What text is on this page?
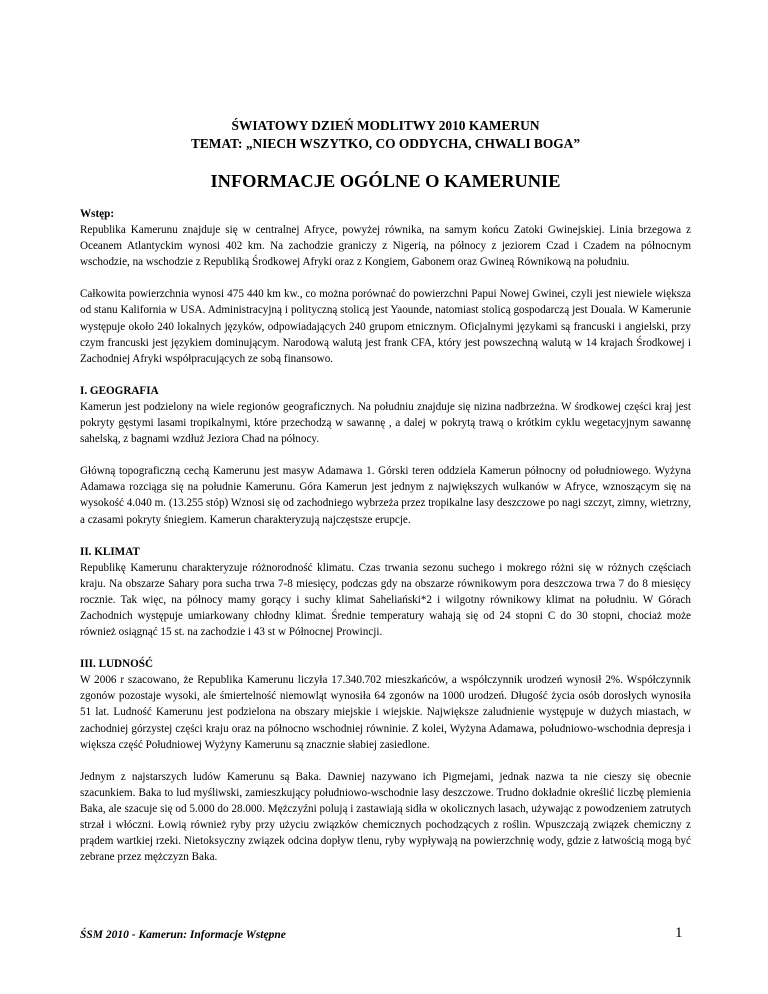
ŚWIATOWY DZIEŃ MODLITWY 2010 KAMERUN
TEMAT: „NIECH WSZYTKO, CO ODDYCHA, CHWALI BOGA”
INFORMACJE OGÓLNE O KAMERUNIE

Wstęp:

Republika Kamerunu znajduje się w centralnej Afryce, powyżej równika, na samym końcu Zatoki Gwinejskiej. Linia brzegowa z Oceanem Atlantyckim wynosi 402 km. Na zachodzie graniczy z Nigerią, na północy z jeziorem Czad i Czadem na północnym wschodzie, na wschodzie z Republiką Środkowej Afryki oraz z Kongiem, Gabonem oraz Gwineą Równikową na południu.

Całkowita powierzchnia wynosi 475 440 km kw., co można porównać do powierzchni Papui Nowej Gwinei, czyli jest niewiele większa od stanu Kalifornia w USA. Administracyjną i polityczną stolicą jest Yaounde, natomiast stolicą gospodarczą jest Douala. W Kamerunie występuje około 240 lokalnych języków, odpowiadających 240 grupom etnicznym. Oficjalnymi językami są francuski i angielski, przy czym francuski jest językiem dominującym. Narodową walutą jest frank CFA, który jest powszechną walutą w 14 krajach Środkowej i Zachodniej Afryki współpracujących ze sobą finansowo.

I. GEOGRAFIA

Kamerun jest podzielony na wiele regionów geograficznych. Na południu znajduje się nizina nadbrzeżna. W środkowej części kraj jest pokryty gęstymi lasami tropikalnymi, które przechodzą w sawannę , a dalej w pokrytą trawą o krótkim cyklu wegetacyjnym sawannę sahelską, z bagnami wzdłuż Jeziora Chad na północy.

Główną topograficzną cechą Kamerunu jest masyw Adamawa 1. Górski teren oddziela Kamerun północny od południowego. Wyżyna Adamawa rozciąga się na południe Kamerunu. Góra Kamerun jest jednym z największych wulkanów w Afryce, wznoszącym się na wysokość 4.040 m. (13.255 stóp) Wznosi się od zachodniego wybrzeża przez tropikalne lasy deszczowe po nagi szczyt, zimny, wietrzny, a czasami pokryty śniegiem. Kamerun charakteryzują najczęstsze erupcje.

II. KLIMAT

Republikę Kamerunu charakteryzuje różnorodność klimatu. Czas trwania sezonu suchego i mokrego różni się w różnych częściach kraju. Na obszarze Sahary pora sucha trwa 7-8 miesięcy, podczas gdy na obszarze równikowym pora deszczowa trwa 7 do 8 miesięcy rocznie. Tak więc, na północy mamy gorący i suchy klimat Saheliański*2 i wilgotny równikowy klimat na południu. W Górach Zachodnich występuje umiarkowany chłodny klimat. Średnie temperatury wahają się od 24 stopni C do 30 stopni, chociaż może również osiągnąć 15 st. na zachodzie i 43 st w Północnej Prowincji.

III. LUDNOŚĆ

W 2006 r szacowano, że Republika Kamerunu liczyła 17.340.702 mieszkańców, a współczynnik urodzeń wynosił 2%. Współczynnik zgonów pozostaje wysoki, ale śmiertelność niemowląt wynosiła 64 zgonów na 1000 urodzeń. Długość życia osób dorosłych wynosiła 51 lat. Ludność Kamerunu jest podzielona na obszary miejskie i wiejskie. Największe zaludnienie występuje w dużych miastach, w zachodniej górzystej części kraju oraz na północno wschodniej równinie. Z kolei, Wyżyna Adamawa, południowo-wschodnia depresja i większa część Południowej Wyżyny Kamerunu są znacznie słabiej zasiedlone.

Jednym z najstarszych ludów Kamerunu są Baka. Dawniej nazywano ich Pigmejami, jednak nazwa ta nie cieszy się obecnie szacunkiem. Baka to lud myśliwski, zamieszkujący południowo-wschodnie lasy deszczowe. Trudno dokładnie określić liczbę plemienia Baka, ale szacuje się od 5.000 do 28.000. Mężczyźni polują i zastawiają sidła w okolicznych lasach, używając z powodzeniem zatrutych strzał i włóczni. Łowią również ryby przy użyciu związków chemicznych pochodzących z roślin. Wpuszczają związek chemiczny z prądem wartkiej rzeki. Nietoksyczny związek odcina dopływ tlenu, ryby wypływają na powierzchnię wody, gdzie z łatwością mogą być zebrane przez mężczyzn Baka.

ŚSM 2010 - Kamerun: Informacje Wstępne	1
